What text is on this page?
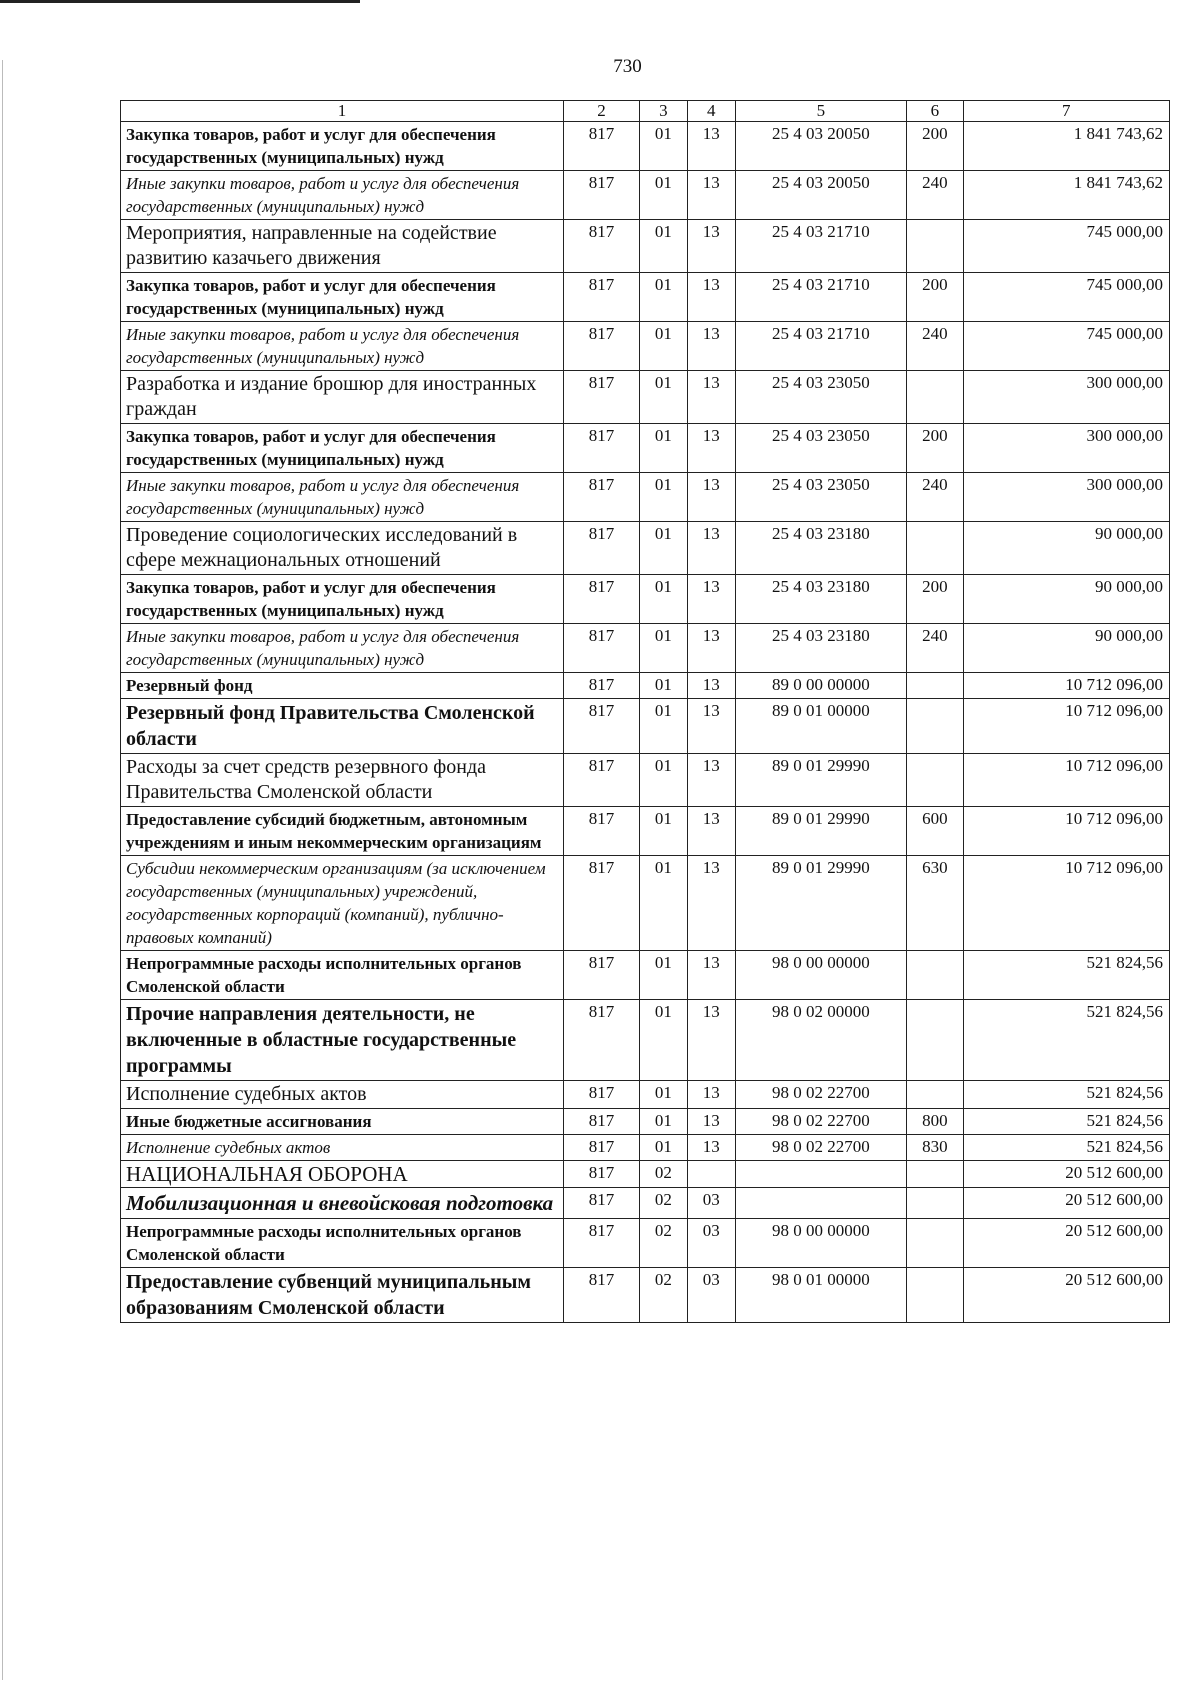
730
1	2	3	4	5	6	7
Закупка товаров, работ и услуг для обеспечения государственных (муниципальных) нужд	817	01	13	25 4 03 20050	200	1 841 743,62
Иные закупки товаров, работ и услуг для обеспечения государственных (муниципальных) нужд	817	01	13	25 4 03 20050	240	1 841 743,62
Мероприятия, направленные на содействие развитию казачьего движения	817	01	13	25 4 03 21710		745 000,00
Закупка товаров, работ и услуг для обеспечения государственных (муниципальных) нужд	817	01	13	25 4 03 21710	200	745 000,00
Иные закупки товаров, работ и услуг для обеспечения государственных (муниципальных) нужд	817	01	13	25 4 03 21710	240	745 000,00
Разработка и издание брошюр для иностранных граждан	817	01	13	25 4 03 23050		300 000,00
Закупка товаров, работ и услуг для обеспечения государственных (муниципальных) нужд	817	01	13	25 4 03 23050	200	300 000,00
Иные закупки товаров, работ и услуг для обеспечения государственных (муниципальных) нужд	817	01	13	25 4 03 23050	240	300 000,00
Проведение социологических исследований в сфере межнациональных отношений	817	01	13	25 4 03 23180		90 000,00
Закупка товаров, работ и услуг для обеспечения государственных (муниципальных) нужд	817	01	13	25 4 03 23180	200	90 000,00
Иные закупки товаров, работ и услуг для обеспечения государственных (муниципальных) нужд	817	01	13	25 4 03 23180	240	90 000,00
Резервный фонд	817	01	13	89 0 00 00000		10 712 096,00
Резервный фонд Правительства Смоленской области	817	01	13	89 0 01 00000		10 712 096,00
Расходы за счет средств резервного фонда Правительства Смоленской области	817	01	13	89 0 01 29990		10 712 096,00
Предоставление субсидий бюджетным, автономным учреждениям и иным некоммерческим организациям	817	01	13	89 0 01 29990	600	10 712 096,00
Субсидии некоммерческим организациям (за исключением государственных (муниципальных) учреждений, государственных корпораций (компаний), публично-правовых компаний)	817	01	13	89 0 01 29990	630	10 712 096,00
Непрограммные расходы исполнительных органов Смоленской области	817	01	13	98 0 00 00000		521 824,56
Прочие направления деятельности, не включенные в областные государственные программы	817	01	13	98 0 02 00000		521 824,56
Исполнение судебных актов	817	01	13	98 0 02 22700		521 824,56
Иные бюджетные ассигнования	817	01	13	98 0 02 22700	800	521 824,56
Исполнение судебных актов	817	01	13	98 0 02 22700	830	521 824,56
НАЦИОНАЛЬНАЯ ОБОРОНА	817	02				20 512 600,00
Мобилизационная и вневойсковая подготовка	817	02	03			20 512 600,00
Непрограммные расходы исполнительных органов Смоленской области	817	02	03	98 0 00 00000		20 512 600,00
Предоставление субвенций муниципальным образованиям Смоленской области	817	02	03	98 0 01 00000		20 512 600,00
